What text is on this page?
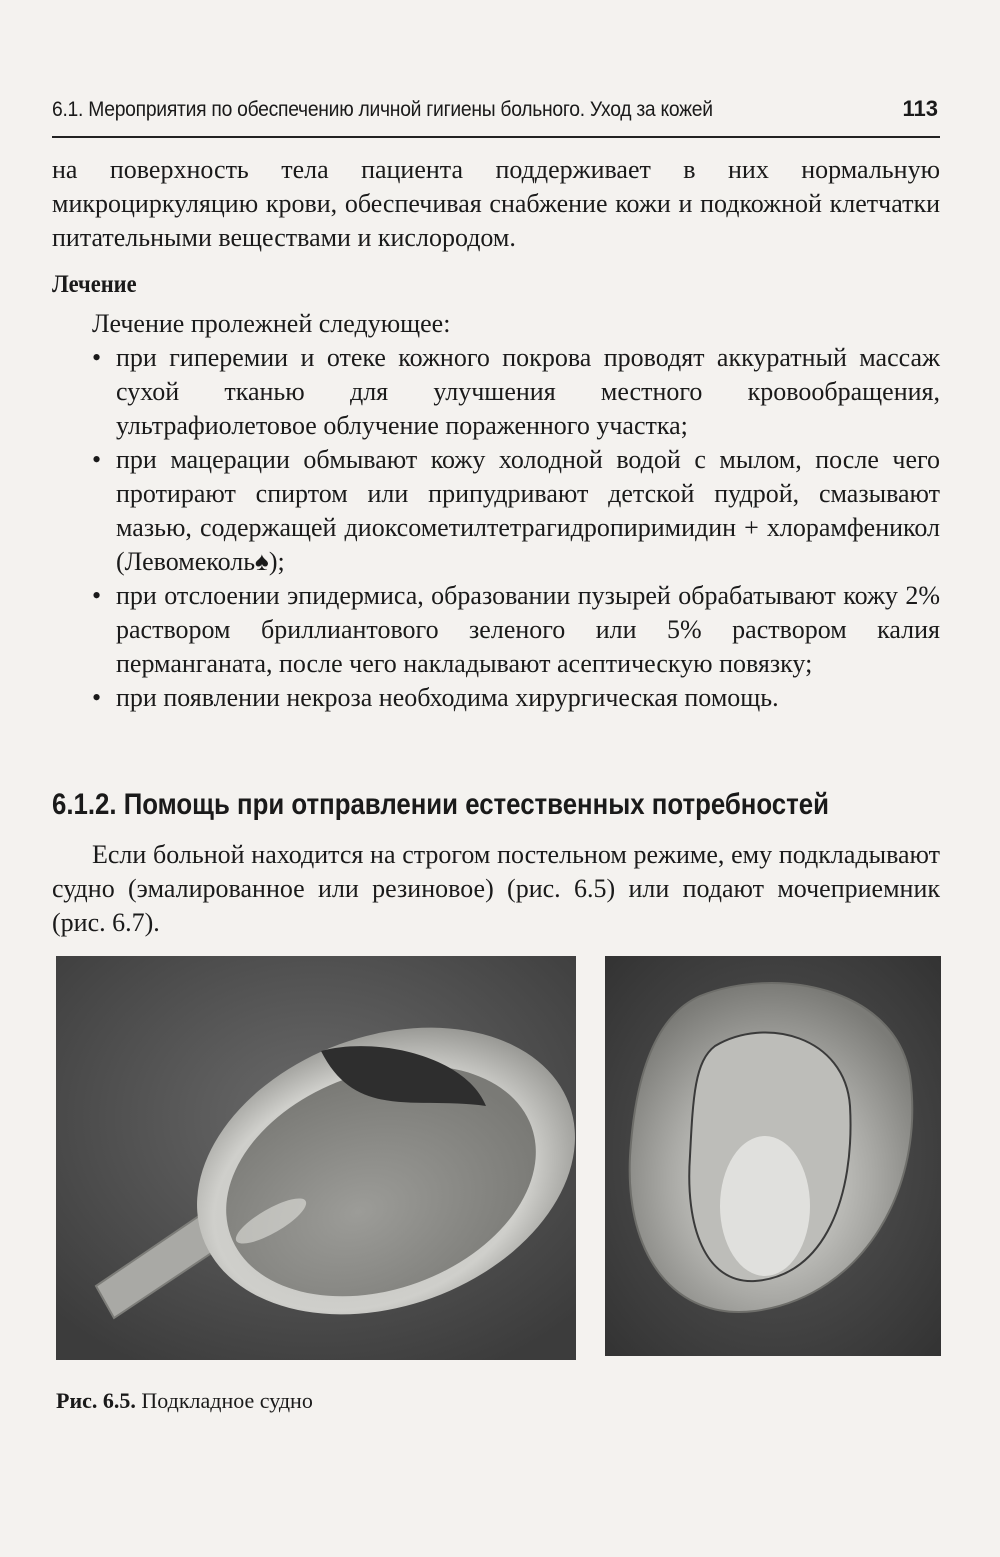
6.1. Мероприятия по обеспечению личной гигиены больного. Уход за кожей	113
на поверхность тела пациента поддерживает в них нормальную микроциркуляцию крови, обеспечивая снабжение кожи и подкожной клетчатки питательными веществами и кислородом.
Лечение
Лечение пролежней следующее:
• при гиперемии и отеке кожного покрова проводят аккуратный массаж сухой тканью для улучшения местного кровообращения, ультрафиолетовое облучение пораженного участка;
• при мацерации обмывают кожу холодной водой с мылом, после чего протирают спиртом или припудривают детской пудрой, смазывают мазью, содержащей диоксометилтетрагидропиримидин + хлорамфеникол (Левомеколь♠);
• при отслоении эпидермиса, образовании пузырей обрабатывают кожу 2% раствором бриллиантового зеленого или 5% раствором калия перманганата, после чего накладывают асептическую повязку;
• при появлении некроза необходима хирургическая помощь.
6.1.2. Помощь при отправлении естественных потребностей
Если больной находится на строгом постельном режиме, ему подкладывают судно (эмалированное или резиновое) (рис. 6.5) или подают мочеприемник (рис. 6.7).
Рис. 6.5. Подкладное судно
